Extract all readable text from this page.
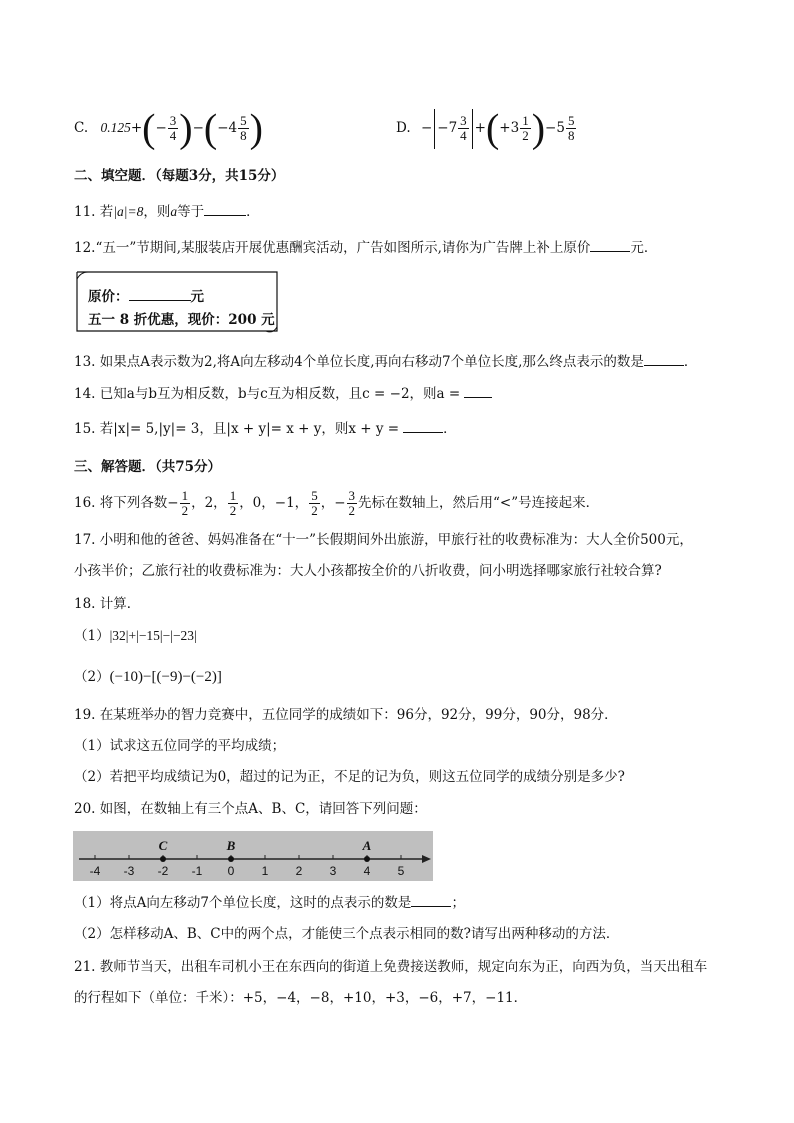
C. $0.125+(- \frac{3}{4} )-(-4 \frac{5}{8}$ )	D. − $-7 \frac{3}{4} +(+3 \frac{1}{2} )-5 \frac{5}{8}$
二、填空题．（每题3分，共15分）
11. 若|a|=8，则a等于	．
12.“五一”节期间,某服装店开展优惠酬宾活动，广告如图所示,请你为广告牌上补上原价	元．
原价：	元
五一 8 折优惠，现价：200 元
13. 如果点A表示数为2,将A向左移动4个单位长度,再向右移动7个单位长度,那么终点表示的数是	．
14. 已知a与b互为相反数，b与c互为相反数，且c = −2，则a =
15. 若|x|= 5,|y|= 3，且|x + y|= x + y，则x + y =	．
三、解答题．（共75分）
16. 将下列各数− $\frac{1}{2}$ ，2， $\frac{1}{2}$ ，0，−1， $\frac{5}{2}$ ，− $\frac{3}{2}$ 先标在数轴上，然后用“<”号连接起来．
17. 小明和他的爸爸、妈妈准备在“十一”长假期间外出旅游，甲旅行社的收费标准为：大人全价500元，
小孩半价；乙旅行社的收费标准为：大人小孩都按全价的八折收费，问小明选择哪家旅行社较合算?
18. 计算．
（1）|32|+|−15|−|−23|
（2）(−10)−[(−9)−(−2)]
19. 在某班举办的智力竞赛中，五位同学的成绩如下：96分，92分，99分，90分，98分．
（1）试求这五位同学的平均成绩；
（2）若把平均成绩记为0，超过的记为正，不足的记为负，则这五位同学的成绩分别是多少?
20. 如图，在数轴上有三个点A、B、C，请回答下列问题：
-4 -3 -2 -1 0 1 2 3 4 5
C	B	A
（1）将点A向左移动7个单位长度，这时的点表示的数是	；
（2）怎样移动A、B、C中的两个点，才能使三个点表示相同的数?请写出两种移动的方法．
21. 教师节当天，出租车司机小王在东西向的街道上免费接送教师，规定向东为正，向西为负，当天出租车
的行程如下（单位：千米）：+5，−4，−8，+10，+3，−6，+7，−11．
